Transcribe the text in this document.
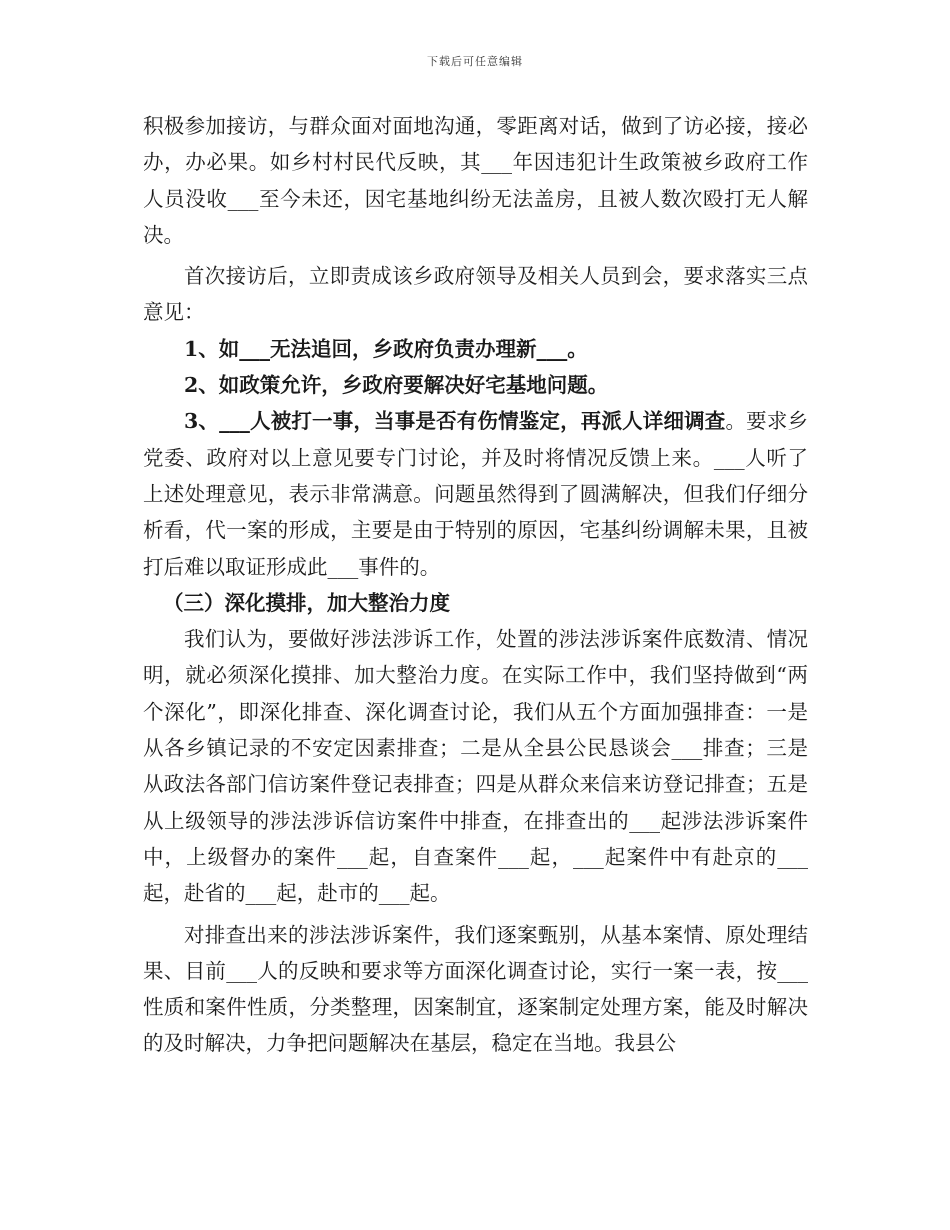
下载后可任意编辑

积极参加接访，与群众面对面地沟通，零距离对话，做到了访必接，接必办，办必果。如乡村村民代反映，其___年因违犯计生政策被乡政府工作人员没收___至今未还，因宅基地纠纷无法盖房，且被人数次殴打无人解决。

首次接访后，立即责成该乡政府领导及相关人员到会，要求落实三点意见：

1、如___无法追回，乡政府负责办理新___。

2、如政策允许，乡政府要解决好宅基地问题。

3、___人被打一事，当事是否有伤情鉴定，再派人详细调查。要求乡党委、政府对以上意见要专门讨论，并及时将情况反馈上来。___人听了上述处理意见，表示非常满意。问题虽然得到了圆满解决，但我们仔细分析看，代一案的形成，主要是由于特别的原因，宅基纠纷调解未果，且被打后难以取证形成此___事件的。

（三）深化摸排，加大整治力度

我们认为，要做好涉法涉诉工作，处置的涉法涉诉案件底数清、情况明，就必须深化摸排、加大整治力度。在实际工作中，我们坚持做到“两个深化”，即深化排查、深化调查讨论，我们从五个方面加强排查：一是从各乡镇记录的不安定因素排查；二是从全县公民恳谈会___排查；三是从政法各部门信访案件登记表排查；四是从群众来信来访登记排查；五是从上级领导的涉法涉诉信访案件中排查，在排查出的___起涉法涉诉案件中，上级督办的案件___起，自查案件___起，___起案件中有赴京的___起，赴省的___起，赴市的___起。

对排查出来的涉法涉诉案件，我们逐案甄别，从基本案情、原处理结果、目前___人的反映和要求等方面深化调查讨论，实行一案一表，按___性质和案件性质，分类整理，因案制宜，逐案制定处理方案，能及时解决的及时解决，力争把问题解决在基层，稳定在当地。我县公
